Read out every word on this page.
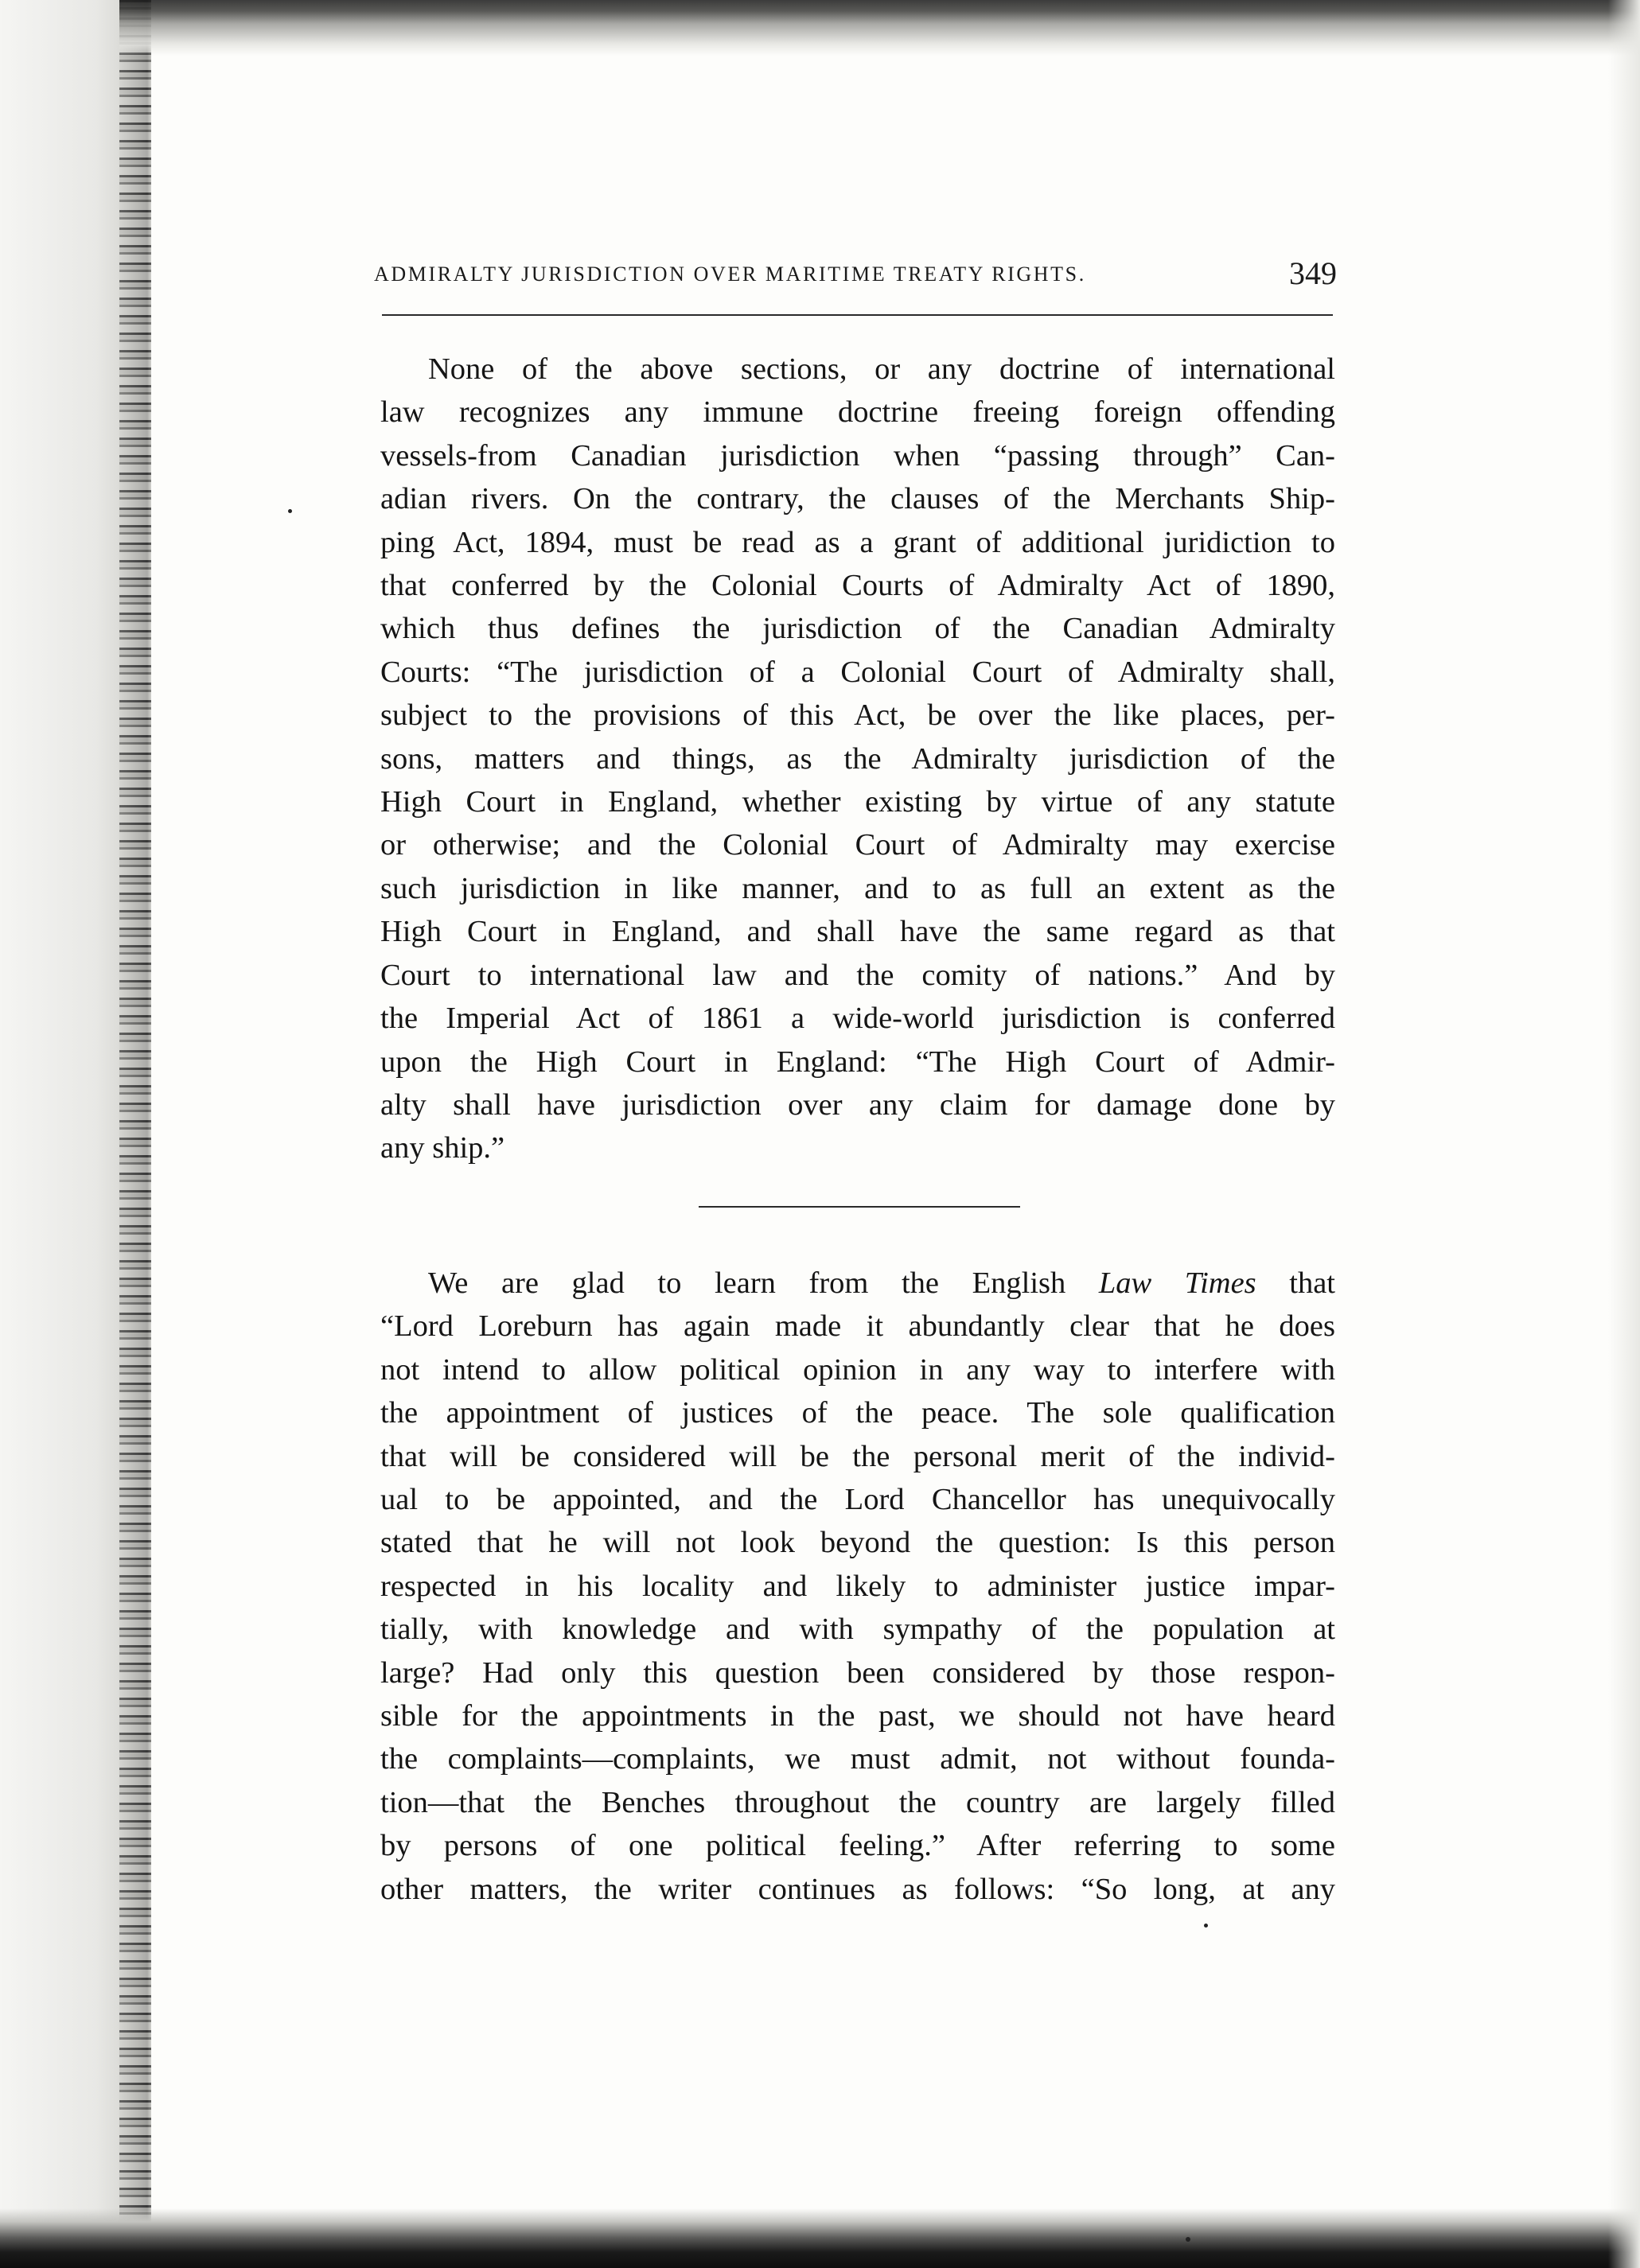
ADMIRALTY JURISDICTION OVER MARITIME TREATY RIGHTS.	349

None of the above sections, or any doctrine of international
law recognizes any immune doctrine freeing foreign offending
vessels-from Canadian jurisdiction when “passing through” Can-
adian rivers. On the contrary, the clauses of the Merchants Ship-
ping Act, 1894, must be read as a grant of additional juridiction to
that conferred by the Colonial Courts of Admiralty Act of 1890,
which thus defines the jurisdiction of the Canadian Admiralty
Courts: “The jurisdiction of a Colonial Court of Admiralty shall,
subject to the provisions of this Act, be over the like places, per-
sons, matters and things, as the Admiralty jurisdiction of the
High Court in England, whether existing by virtue of any statute
or otherwise; and the Colonial Court of Admiralty may exercise
such jurisdiction in like manner, and to as full an extent as the
High Court in England, and shall have the same regard as that
Court to international law and the comity of nations.” And by
the Imperial Act of 1861 a wide-world jurisdiction is conferred
upon the High Court in England: “The High Court of Admir-
alty shall have jurisdiction over any claim for damage done by
any ship.”

We are glad to learn from the English Law Times that
“Lord Loreburn has again made it abundantly clear that he does
not intend to allow political opinion in any way to interfere with
the appointment of justices of the peace. The sole qualification
that will be considered will be the personal merit of the individ-
ual to be appointed, and the Lord Chancellor has unequivocally
stated that he will not look beyond the question: Is this person
respected in his locality and likely to administer justice impar-
tially, with knowledge and with sympathy of the population at
large? Had only this question been considered by those respon-
sible for the appointments in the past, we should not have heard
the complaints—complaints, we must admit, not without founda-
tion—that the Benches throughout the country are largely filled
by persons of one political feeling.” After referring to some
other matters, the writer continues as follows: “So long, at any
